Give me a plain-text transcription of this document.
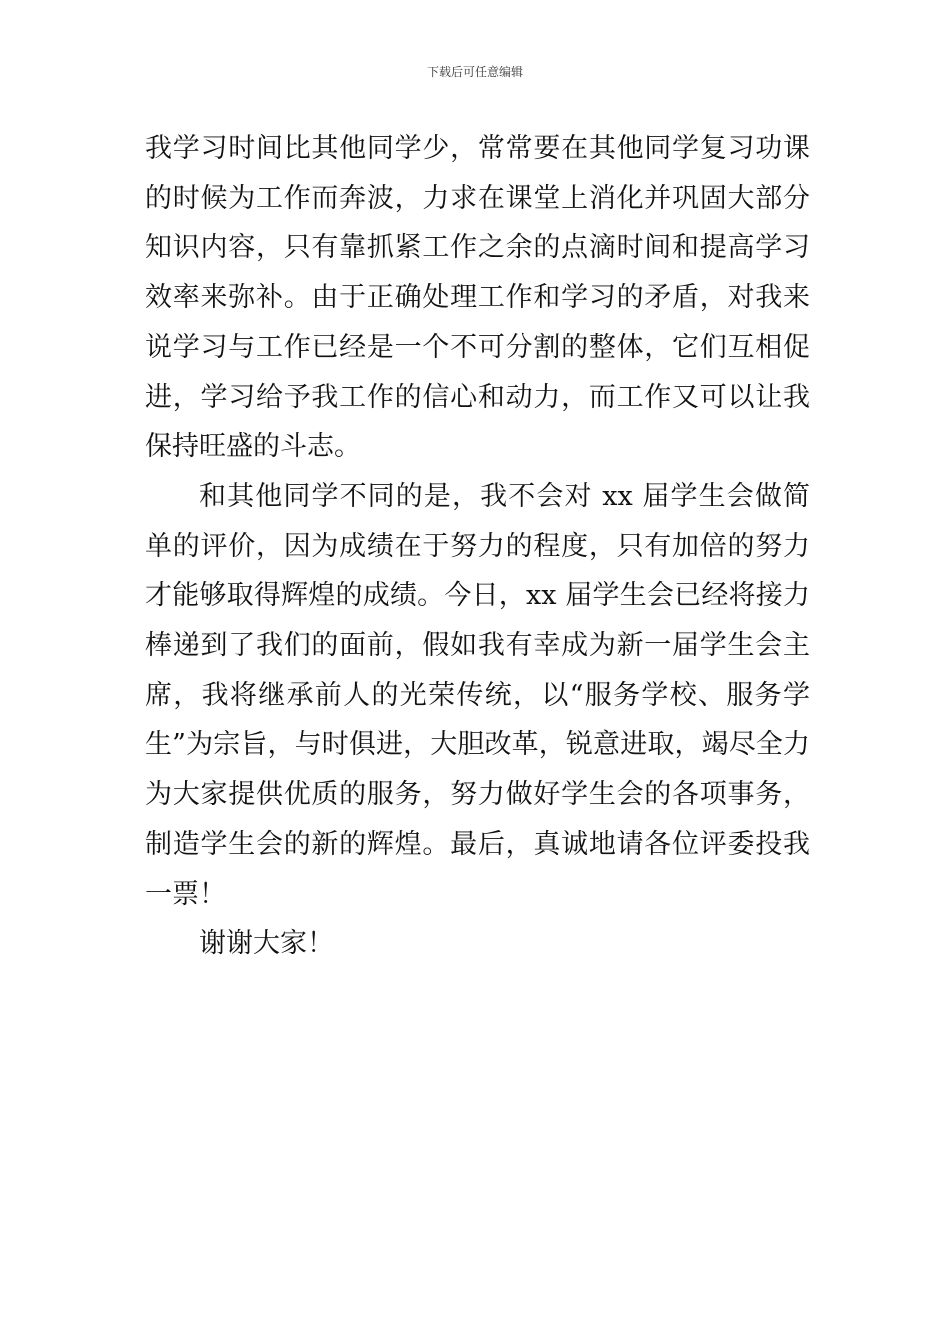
下载后可任意编辑

我学习时间比其他同学少，常常要在其他同学复习功课的时候为工作而奔波，力求在课堂上消化并巩固大部分知识内容，只有靠抓紧工作之余的点滴时间和提高学习效率来弥补。由于正确处理工作和学习的矛盾，对我来说学习与工作已经是一个不可分割的整体，它们互相促进，学习给予我工作的信心和动力，而工作又可以让我保持旺盛的斗志。

和其他同学不同的是，我不会对 xx 届学生会做简单的评价，因为成绩在于努力的程度，只有加倍的努力才能够取得辉煌的成绩。今日，xx 届学生会已经将接力棒递到了我们的面前，假如我有幸成为新一届学生会主席，我将继承前人的光荣传统，以“服务学校、服务学生”为宗旨，与时俱进，大胆改革，锐意进取，竭尽全力为大家提供优质的服务，努力做好学生会的各项事务，制造学生会的新的辉煌。最后，真诚地请各位评委投我一票！

谢谢大家！
